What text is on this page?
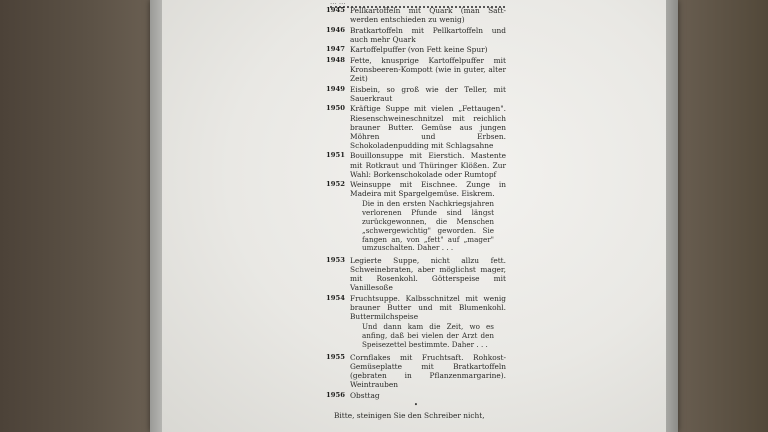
... ...
1945 Pellkartoffeln mit Quark (man Satt- werden entschieden zu wenig)
1946 Bratkartoffeln mit Pellkartoffeln und auch mehr Quark
1947 Kartoffelpuffer (von Fett keine Spur)
1948 Fette, knusprige Kartoffelpuffer mit Kronsbeeren-Kompott (wie in guter, alter Zeit)
1949 Eisbein, so groß wie der Teller, mit Sauerkraut
1950 Kräftige Suppe mit vielen „Fettaugen". Riesenschweineschnitzel mit reichlich brauner Butter. Gemüse aus jungen Möhren und Erbsen. Schokoladenpudding mit Schlagsahne
1951 Bouillonsuppe mit Eierstich. Mastente mit Rotkraut und Thüringer Klößen. Zur Wahl: Borkenschokolade oder Rumtopf
1952 Weinsuppe mit Eischnee. Zunge in Madeira mit Spargelgemüse. Eiskrem.
Die in den ersten Nachkriegsjahren verlorenen Pfunde sind längst zurückgewonnen, die Menschen „schwergewichtig" geworden. Sie fangen an, von „fett" auf „mager" umzuschalten. Daher . . .
1953 Legierte Suppe, nicht allzu fett. Schweinebraten, aber möglichst mager, mit Rosenkohl. Götterspeise mit Vanillesoße
1954 Fruchtsuppe. Kalbsschnitzel mit wenig brauner Butter und mit Blumenkohl. Buttermilchspeise
Und dann kam die Zeit, wo es anfing, daß bei vielen der Arzt den Speisezettel bestimmte. Daher . . .
1955 Cornflakes mit Fruchtsaft. Rohkost-Gemüseplatte mit Bratkartoffeln (gebraten in Pflanzenmargarine). Weintrauben
1956 Obsttag
•
Bitte, steinigen Sie den Schreiber nicht,
